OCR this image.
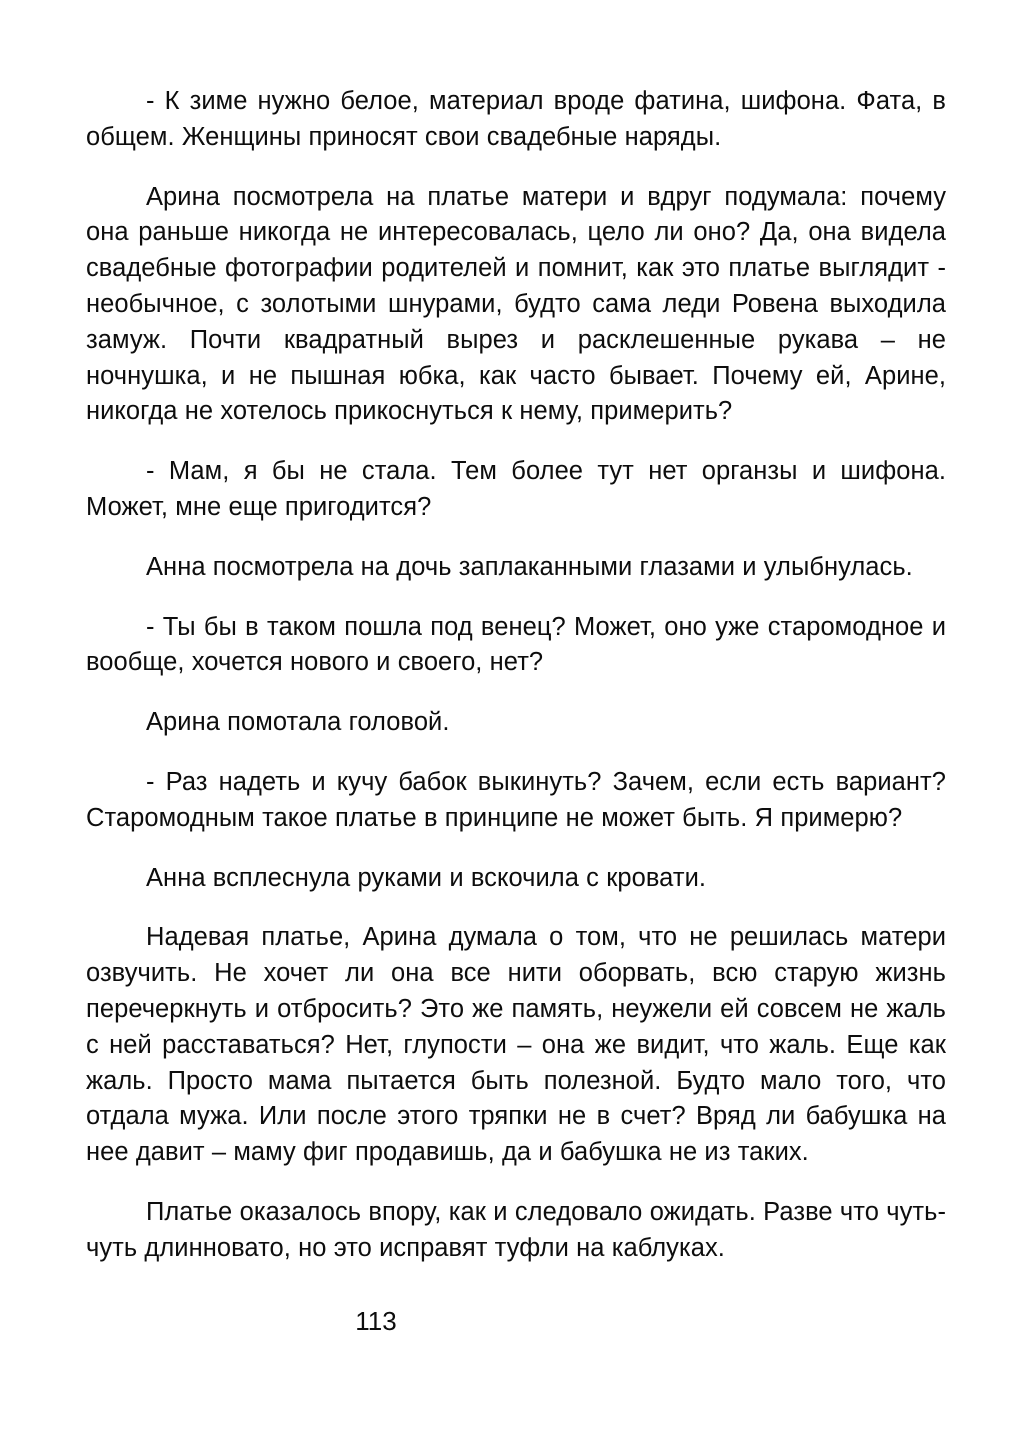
- К зиме нужно белое, материал вроде фатина, шифона. Фата, в общем. Женщины приносят свои свадебные наряды.

Арина посмотрела на платье матери и вдруг подумала: почему она раньше никогда не интересовалась, цело ли оно? Да, она видела свадебные фотографии родителей и помнит, как это платье выглядит - необычное, с золотыми шнурами, будто сама леди Ровена выходила замуж. Почти квадратный вырез и расклешенные рукава – не ночнушка, и не пышная юбка, как часто бывает. Почему ей, Арине, никогда не хотелось прикоснуться к нему, примерить?

- Мам, я бы не стала. Тем более тут нет органзы и шифона. Может, мне еще пригодится?

Анна посмотрела на дочь заплаканными глазами и улыбнулась.

- Ты бы в таком пошла под венец? Может, оно уже старомодное и вообще, хочется нового и своего, нет?

Арина помотала головой.

- Раз надеть и кучу бабок выкинуть? Зачем, если есть вариант? Старомодным такое платье в принципе не может быть. Я примерю?

Анна всплеснула руками и вскочила с кровати.

Надевая платье, Арина думала о том, что не решилась матери озвучить. Не хочет ли она все нити оборвать, всю старую жизнь перечеркнуть и отбросить? Это же память, неужели ей совсем не жаль с ней расставаться? Нет, глупости – она же видит, что жаль. Еще как жаль. Просто мама пытается быть полезной. Будто мало того, что отдала мужа. Или после этого тряпки не в счет? Вряд ли бабушка на нее давит – маму фиг продавишь, да и бабушка не из таких.

Платье оказалось впору, как и следовало ожидать. Разве что чуть-чуть длинновато, но это исправят туфли на каблуках.

113
